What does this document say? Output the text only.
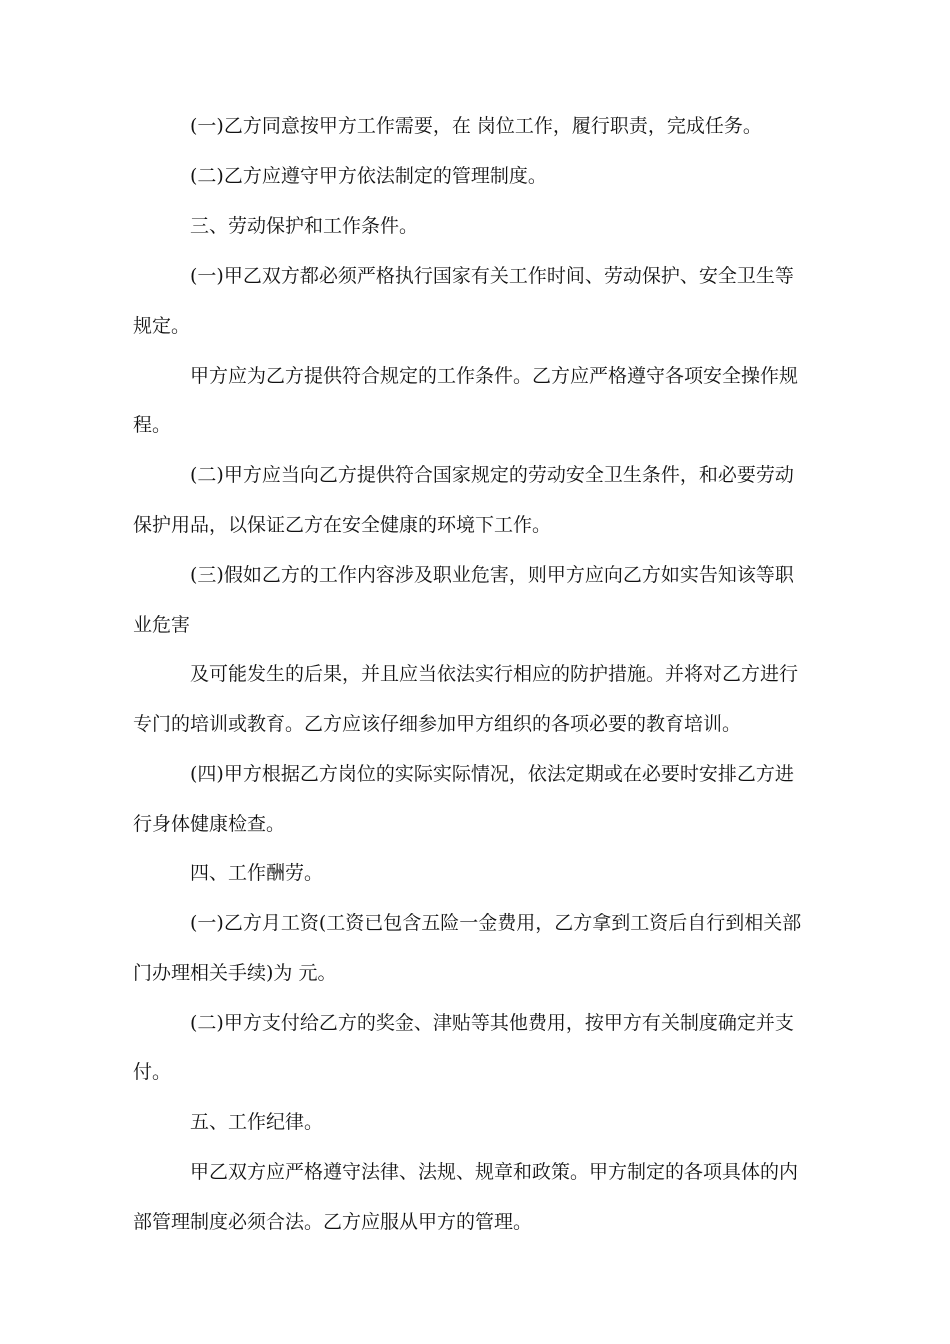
(一)乙方同意按甲方工作需要，在 岗位工作，履行职责，完成任务。

(二)乙方应遵守甲方依法制定的管理制度。

三、劳动保护和工作条件。

(一)甲乙双方都必须严格执行国家有关工作时间、劳动保护、安全卫生等

规定。

甲方应为乙方提供符合规定的工作条件。乙方应严格遵守各项安全操作规

程。

(二)甲方应当向乙方提供符合国家规定的劳动安全卫生条件，和必要劳动

保护用品，以保证乙方在安全健康的环境下工作。

(三)假如乙方的工作内容涉及职业危害，则甲方应向乙方如实告知该等职

业危害

及可能发生的后果，并且应当依法实行相应的防护措施。并将对乙方进行

专门的培训或教育。乙方应该仔细参加甲方组织的各项必要的教育培训。

(四)甲方根据乙方岗位的实际实际情况，依法定期或在必要时安排乙方进

行身体健康检查。

四、工作酬劳。

(一)乙方月工资(工资已包含五险一金费用，乙方拿到工资后自行到相关部

门办理相关手续)为 元。

(二)甲方支付给乙方的奖金、津贴等其他费用，按甲方有关制度确定并支

付。

五、工作纪律。

甲乙双方应严格遵守法律、法规、规章和政策。甲方制定的各项具体的内

部管理制度必须合法。乙方应服从甲方的管理。
